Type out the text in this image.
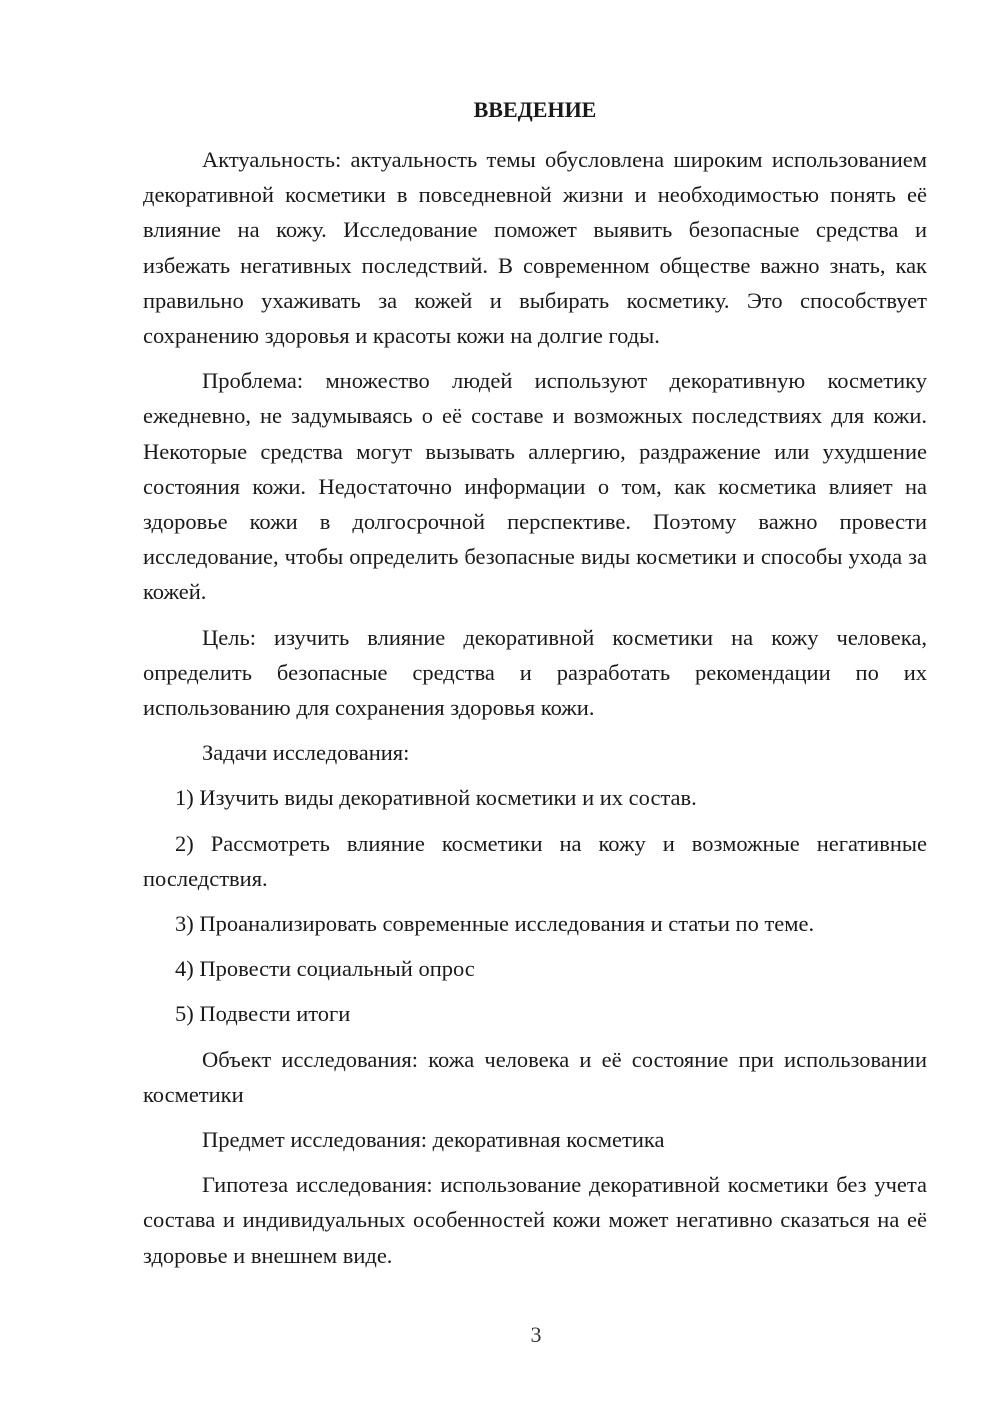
ВВЕДЕНИЕ

Актуальность: актуальность темы обусловлена широким использованием декоративной косметики в повседневной жизни и необходимостью понять её влияние на кожу. Исследование поможет выявить безопасные средства и избежать негативных последствий. В современном обществе важно знать, как правильно ухаживать за кожей и выбирать косметику. Это способствует сохранению здоровья и красоты кожи на долгие годы.

Проблема: множество людей используют декоративную косметику ежедневно, не задумываясь о её составе и возможных последствиях для кожи. Некоторые средства могут вызывать аллергию, раздражение или ухудшение состояния кожи. Недостаточно информации о том, как косметика влияет на здоровье кожи в долгосрочной перспективе. Поэтому важно провести исследование, чтобы определить безопасные виды косметики и способы ухода за кожей.

Цель: изучить влияние декоративной косметики на кожу человека, определить безопасные средства и разработать рекомендации по их использованию для сохранения здоровья кожи.

Задачи исследования:

1) Изучить виды декоративной косметики и их состав.

2) Рассмотреть влияние косметики на кожу и возможные негативные последствия.

3) Проанализировать современные исследования и статьи по теме.

4) Провести социальный опрос

5) Подвести итоги

Объект исследования: кожа человека и её состояние при использовании косметики

Предмет исследования: декоративная косметика

Гипотеза исследования: использование декоративной косметики без учета состава и индивидуальных особенностей кожи может негативно сказаться на её здоровье и внешнем виде.

3
